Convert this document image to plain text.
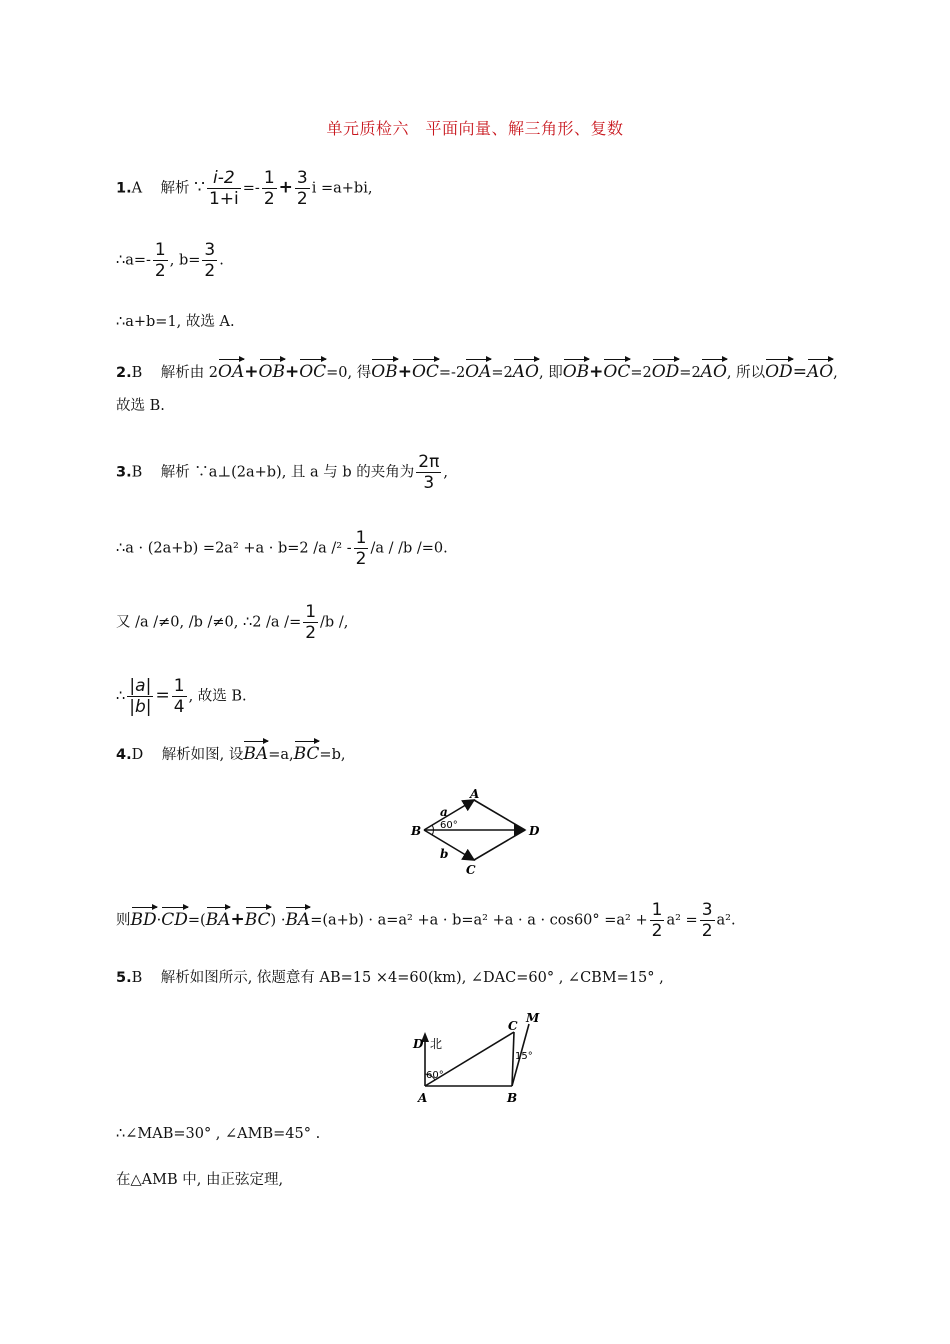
单元质检六　平面向量、解三角形、复数
1.A 解析 ∵ $\frac{i-2}{1+i} =- \frac{1}{2} + \frac{3}{2}$ i =a+bi,
∴a=- $\frac{1}{2}$ , $b= \frac{3}{2}$ .
∴a+b=1, 故选 A.
2.B 解析由 2OA+OB+OC=0, 得OB+OC=-2OA=2AO, 即OB+OC=2OD=2AO, 所以OD=AO,
故选 B.
3.B 解析 ∵a⊥(2a+b), 且 a 与 b 的夹角为 $\frac{2\pi}{3}$ ,
∴a · (2a+b) =2a² +a · b=2 /a $/^2 - \frac{1}{2} /a / /b$ /=0.
又 /a /≠0, /b /≠0, ∴2 $/a /= \frac{1}{2} /b$ /,
∴ $\frac{|a|}{|b|} = \frac{1}{4}$ , 故选 B.
4.D 解析如图, 设BA=a,BC=b,
A
B
C
D
a
b
60°
则$BD\cdot CD=(BA+BC) \cdot BA=(a+b) \cdot a=a^2 +a \cdot b=a^2 +a \cdot a \cdot \cos 60^\circ =a^2 + \frac{1}{2} a^2 = \frac{3}{2} a^2$.
5.B 解析如图所示, 依题意有 AB=15 ×4=60(km), ∠DAC=60° , ∠CBM=15° ,
D 北
A	B
C
M
60°
15°
∴∠MAB=30° , ∠AMB=45° .
在△AMB 中, 由正弦定理,
